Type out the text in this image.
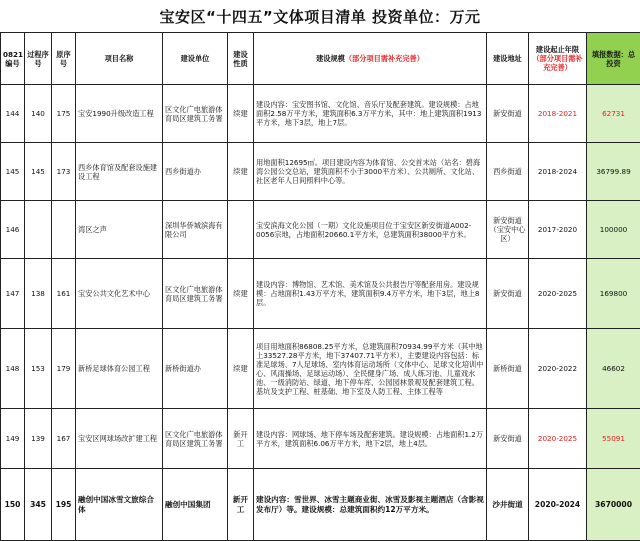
宝安区“十四五”文体项目清单 投资单位：万元
0821编号	过程序号	原序号	项目名称	建设单位	建设性质	建设规模（部分项目需补充完善）	建设地址	建设起止年限
（部分项目需补充完善）	填报数据：总投资
144	140	175	宝安1990升级改造工程	区文化广电旅游体育局区建筑工务署	续建	建设内容：宝安图书馆、文化馆、音乐厅及配套建筑。建设规模：占地面积2.58万平方米，建筑面积6.3万平方米，其中：地上建筑面积1913平方米，地下3层，地上7层。	新安街道	2018-2021	62731
145	145	173	西乡体育馆及配套设施建设工程	西乡街道办	续建	用地面积12695㎡。项目建设内容为体育馆、公交首末站（站名：碧海湾公园公交总站，建筑面积不小于3000平方米）、公共厕所、文化站、社区老年人日间照料中心等。	西乡街道	2018-2024	36799.89
146			湾区之声	深圳华侨城滨海有限公司		宝安滨海文化公园（一期）文化设施项目位于宝安区新安街道A002-0056宗地，占地面积20660.1平方米，总建筑面积38000平方米。	新安街道（宝安中心区）	2017-2020	100000
147	138	161	宝安公共文化艺术中心	区文化广电旅游体育局区建筑工务署	续建	建设内容：博物馆、艺术馆、美术馆及公共报告厅等配套用房。建设规模：占地面积1.43万平方米，建筑面积9.4万平方米，地下3层，地上8层。	新安街道	2020-2025	169800
148	153	179	新桥足球体育公园工程	新桥街道办	续建	项目用地面积86808.25平方米，总建筑面积70934.99平方米（其中地上33527.28平方米，地下37407.71平方米），主要建设内容包括：标准足球场、7人足球场、室内体育运动场所（文体中心、足球文化培训中心、风雨操场、足球运动场）、全民健身广场、成人练习池、儿童戏水池、一级消防站、绿道、地下停车库、公园园林景观及配套建筑工程。基坑及支护工程、桩基础、地下室及人防工程、主体工程等	新桥街道	2020-2022	46602
149	139	167	宝安区网球场改扩建工程	区文化广电旅游体育局区建筑工务署	新开工	建设内容：网球场、地下停车场及配套建筑。建设规模：占地面积1.2万平方米，建筑面积6.06万平方米，地下2层，地上4层。	新安街道	2020-2025	55091
150	345	195	融创中国冰雪文旅综合体	融创中国集团	新开工	建设内容：雪世界、冰雪主题商业街、冰雪及影视主题酒店（含影视发布厅）等。建设规模：总建筑面积约12万平方米。	沙井街道	2020-2024	3670000
